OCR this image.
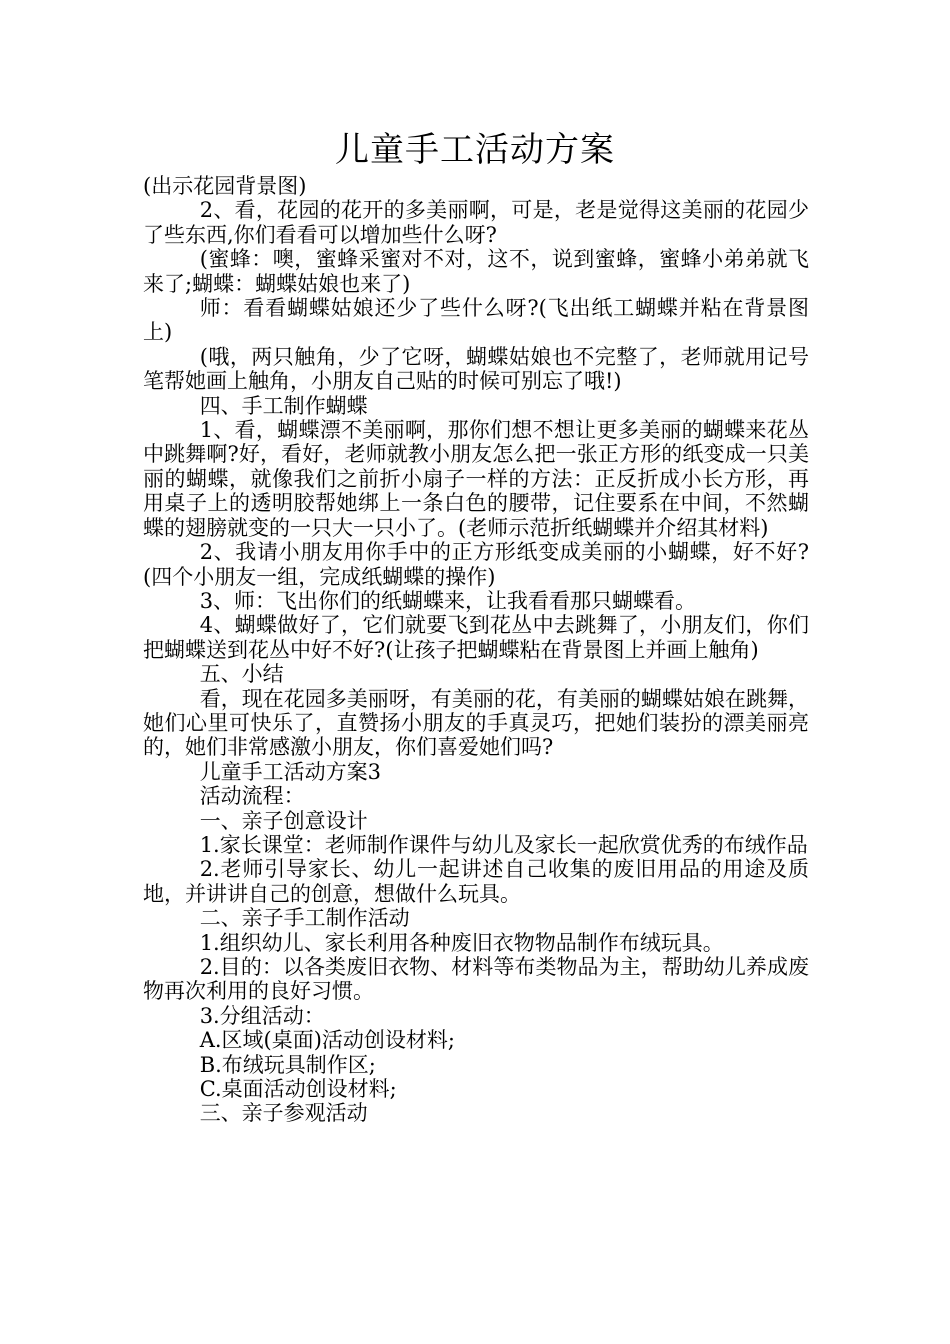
儿童手工活动方案

(出示花园背景图)

2、看，花园的花开的多美丽啊，可是，老是觉得这美丽的花园少了些东西,你们看看可以增加些什么呀?

(蜜蜂：噢，蜜蜂采蜜对不对，这不，说到蜜蜂，蜜蜂小弟弟就飞来了;蝴蝶：蝴蝶姑娘也来了)

师：看看蝴蝶姑娘还少了些什么呀?(飞出纸工蝴蝶并粘在背景图上)

(哦，两只触角，少了它呀，蝴蝶姑娘也不完整了，老师就用记号笔帮她画上触角，小朋友自己贴的时候可别忘了哦!)

四、手工制作蝴蝶

1、看，蝴蝶漂不美丽啊，那你们想不想让更多美丽的蝴蝶来花丛中跳舞啊?好，看好，老师就教小朋友怎么把一张正方形的纸变成一只美丽的蝴蝶，就像我们之前折小扇子一样的方法：正反折成小长方形，再用桌子上的透明胶帮她绑上一条白色的腰带，记住要系在中间，不然蝴蝶的翅膀就变的一只大一只小了。(老师示范折纸蝴蝶并介绍其材料)

2、我请小朋友用你手中的正方形纸变成美丽的小蝴蝶，好不好?(四个小朋友一组，完成纸蝴蝶的操作)

3、师：飞出你们的纸蝴蝶来，让我看看那只蝴蝶看。

4、蝴蝶做好了，它们就要飞到花丛中去跳舞了，小朋友们，你们把蝴蝶送到花丛中好不好?(让孩子把蝴蝶粘在背景图上并画上触角)

五、小结

看，现在花园多美丽呀，有美丽的花，有美丽的蝴蝶姑娘在跳舞，她们心里可快乐了，直赞扬小朋友的手真灵巧，把她们装扮的漂美丽亮的，她们非常感激小朋友，你们喜爱她们吗?

儿童手工活动方案3

活动流程：

一、亲子创意设计

1.家长课堂：老师制作课件与幼儿及家长一起欣赏优秀的布绒作品

2.老师引导家长、幼儿一起讲述自己收集的废旧用品的用途及质地，并讲讲自己的创意，想做什么玩具。

二、亲子手工制作活动

1.组织幼儿、家长利用各种废旧衣物物品制作布绒玩具。

2.目的：以各类废旧衣物、材料等布类物品为主，帮助幼儿养成废物再次利用的良好习惯。

3.分组活动：

A.区域(桌面)活动创设材料;

B.布绒玩具制作区;

C.桌面活动创设材料;

三、亲子参观活动
